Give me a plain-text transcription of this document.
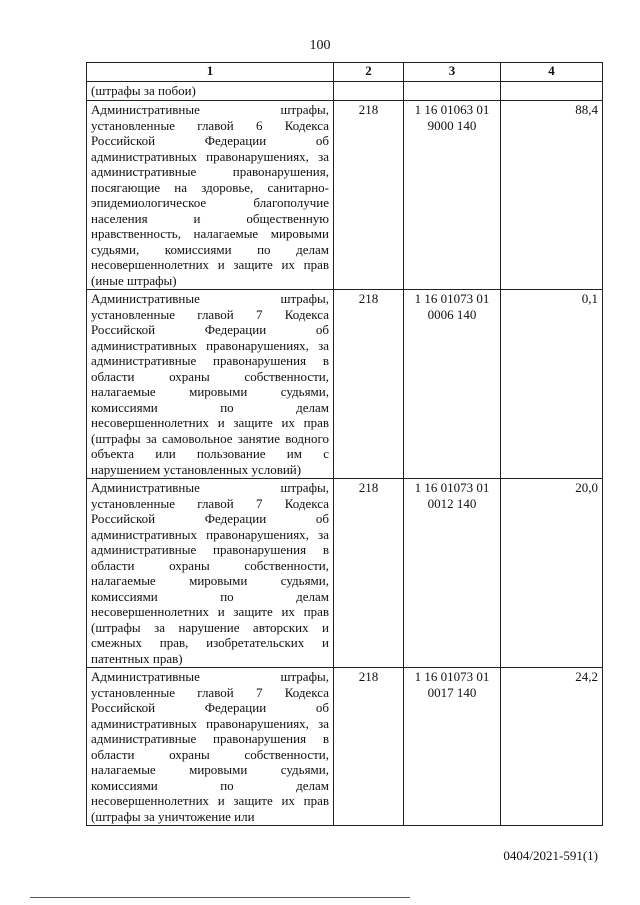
100
1	2	3	4
(штрафы за побои)			
Административные штрафы, установленные главой 6 Кодекса Российской Федерации об административных правонарушениях, за административные правонарушения, посягающие на здоровье, санитарно-эпидемиологическое благополучие населения и общественную нравственность, налагаемые мировыми судьями, комиссиями по делам несовершеннолетних и защите их прав (иные штрафы)	218	1 16 01063 01 9000 140	88,4
Административные штрафы, установленные главой 7 Кодекса Российской Федерации об административных правонарушениях, за административные правонарушения в области охраны собственности, налагаемые мировыми судьями, комиссиями по делам несовершеннолетних и защите их прав (штрафы за самовольное занятие водного объекта или пользование им с нарушением установленных условий)	218	1 16 01073 01 0006 140	0,1
Административные штрафы, установленные главой 7 Кодекса Российской Федерации об административных правонарушениях, за административные правонарушения в области охраны собственности, налагаемые мировыми судьями, комиссиями по делам несовершеннолетних и защите их прав (штрафы за нарушение авторских и смежных прав, изобретательских и патентных прав)	218	1 16 01073 01 0012 140	20,0
Административные штрафы, установленные главой 7 Кодекса Российской Федерации об административных правонарушениях, за административные правонарушения в области охраны собственности, налагаемые мировыми судьями, комиссиями по делам несовершеннолетних и защите их прав (штрафы за уничтожение или	218	1 16 01073 01 0017 140	24,2
0404/2021-591(1)
